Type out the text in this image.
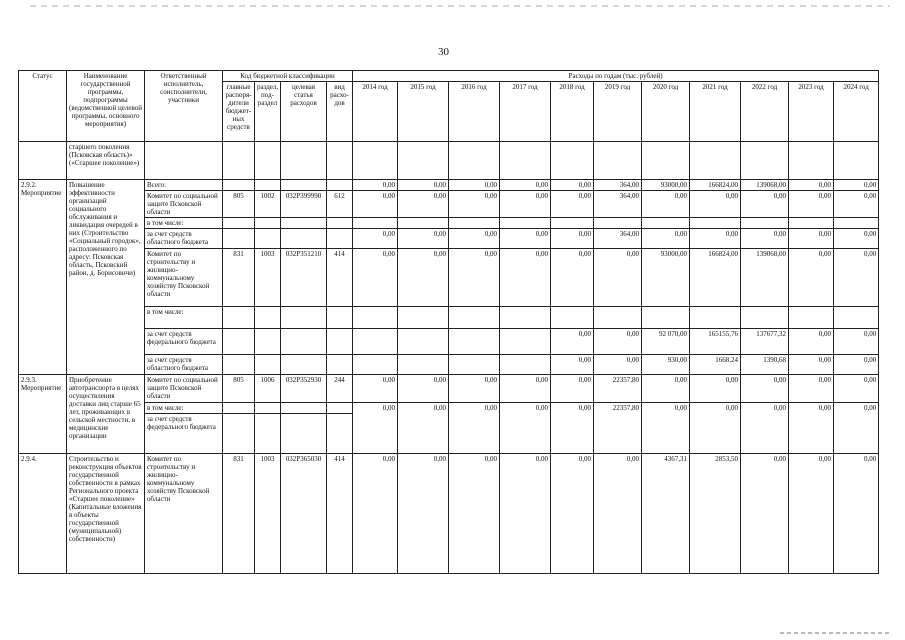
30
Статус	Наименование государственной программы, подпрограммы (ведомственной целевой программы, основного мероприятия)	Ответственный исполнитель, соисполнители, участники	Код бюджетной классификации				Расходы по годам (тыс. рублей)										
			главные распоря-дители бюджет-ных средств	раздел, под-раздел	целевая статья расходов	вид расхо-дов	2014 год	2015 год	2016 год	2017 год	2018 год	2019 год	2020 год	2021 год	2022 год	2023 год	2024 год
	старшего поколения (Псковская область)» («Старшее поколение»)																
2.9.2. Мероприятие	Повышение эффективности организаций социального обслуживания и ликвидация очередей в них (Строительство «Социальный городок», расположенного по адресу: Псковская область, Псковский район, д. Борисовичи)	Всего:					0,00	0,00	0,00	0,00	0,00	364,00	93000,00	166824,00	139068,00	0,00	0,00
		Комитет по социальной защите Псковской области	805	1002	032P399990	612	0,00	0,00	0,00	0,00	0,00	364,00	0,00	0,00	0,00	0,00	0,00
		в том числе:															
		за счет средств областного бюджета					0,00	0,00	0,00	0,00	0,00	364,00	0,00	0,00	0,00	0,00	0,00
		Комитет по строительству и жилищно-коммунальному хозяйству Псковской области	831	1003	032P351210	414	0,00	0,00	0,00	0,00	0,00	0,00	93000,00	166824,00	139068,00	0,00	0,00
		в том числе:															
		за счет средств федерального бюджета									0,00	0,00	92 070,00	165155,76	137677,32	0,00	0,00
		за счет средств областного бюджета									0,00	0,00	930,00	1668,24	1390,68	0,00	0,00
2.9.3. Мероприятие	Приобретение автотранспорта в целях осуществления доставки лиц старше 65 лет, проживающих в сельской местности, в медицинские организации	Комитет по социальной защите Псковской области	805	1006	032P352930	244	0,00	0,00	0,00	0,00	0,00	22357,80	0,00	0,00	0,00	0,00	0,00
		в том числе:					0,00	0,00	0,00	0,00	0,00	22357,80	0,00	0,00	0,00	0,00	0,00
		за счет средств федерального бюджета															
2.9.4.	Строительство и реконструкция объектов государственной собственности в рамках Регионального проекта «Старшее поколение» (Капитальные вложения в объекты государственной (муниципальной) собственности)	Комитет по строительству и жилищно-коммунальному хозяйству Псковской области	831	1003	032P365030	414	0,00	0,00	0,00	0,00	0,00	0,00	4367,31	2853,50	0,00	0,00	0,00
